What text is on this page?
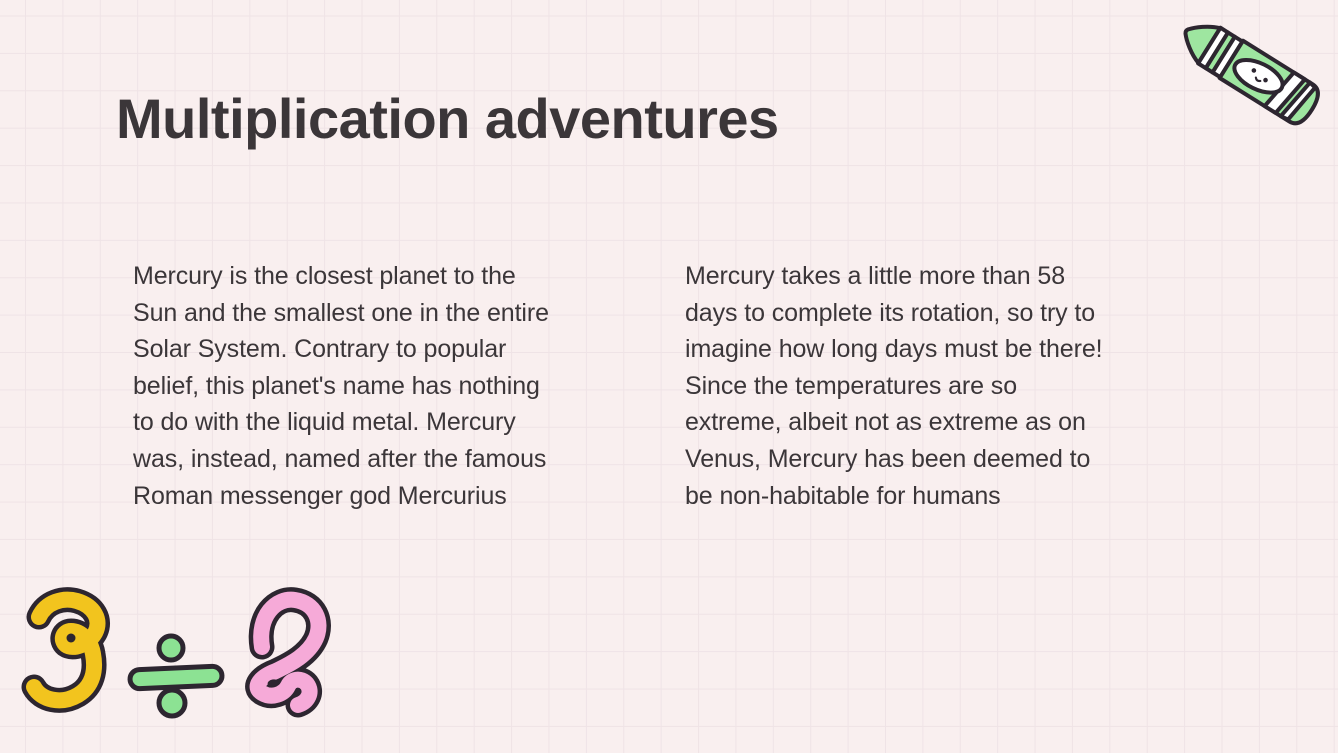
Multiplication adventures
Mercury is the closest planet to the
Sun and the smallest one in the entire
Solar System. Contrary to popular
belief, this planet's name has nothing
to do with the liquid metal. Mercury
was, instead, named after the famous
Roman messenger god Mercurius
Mercury takes a little more than 58
days to complete its rotation, so try to
imagine how long days must be there!
Since the temperatures are so
extreme, albeit not as extreme as on
Venus, Mercury has been deemed to
be non-habitable for humans
